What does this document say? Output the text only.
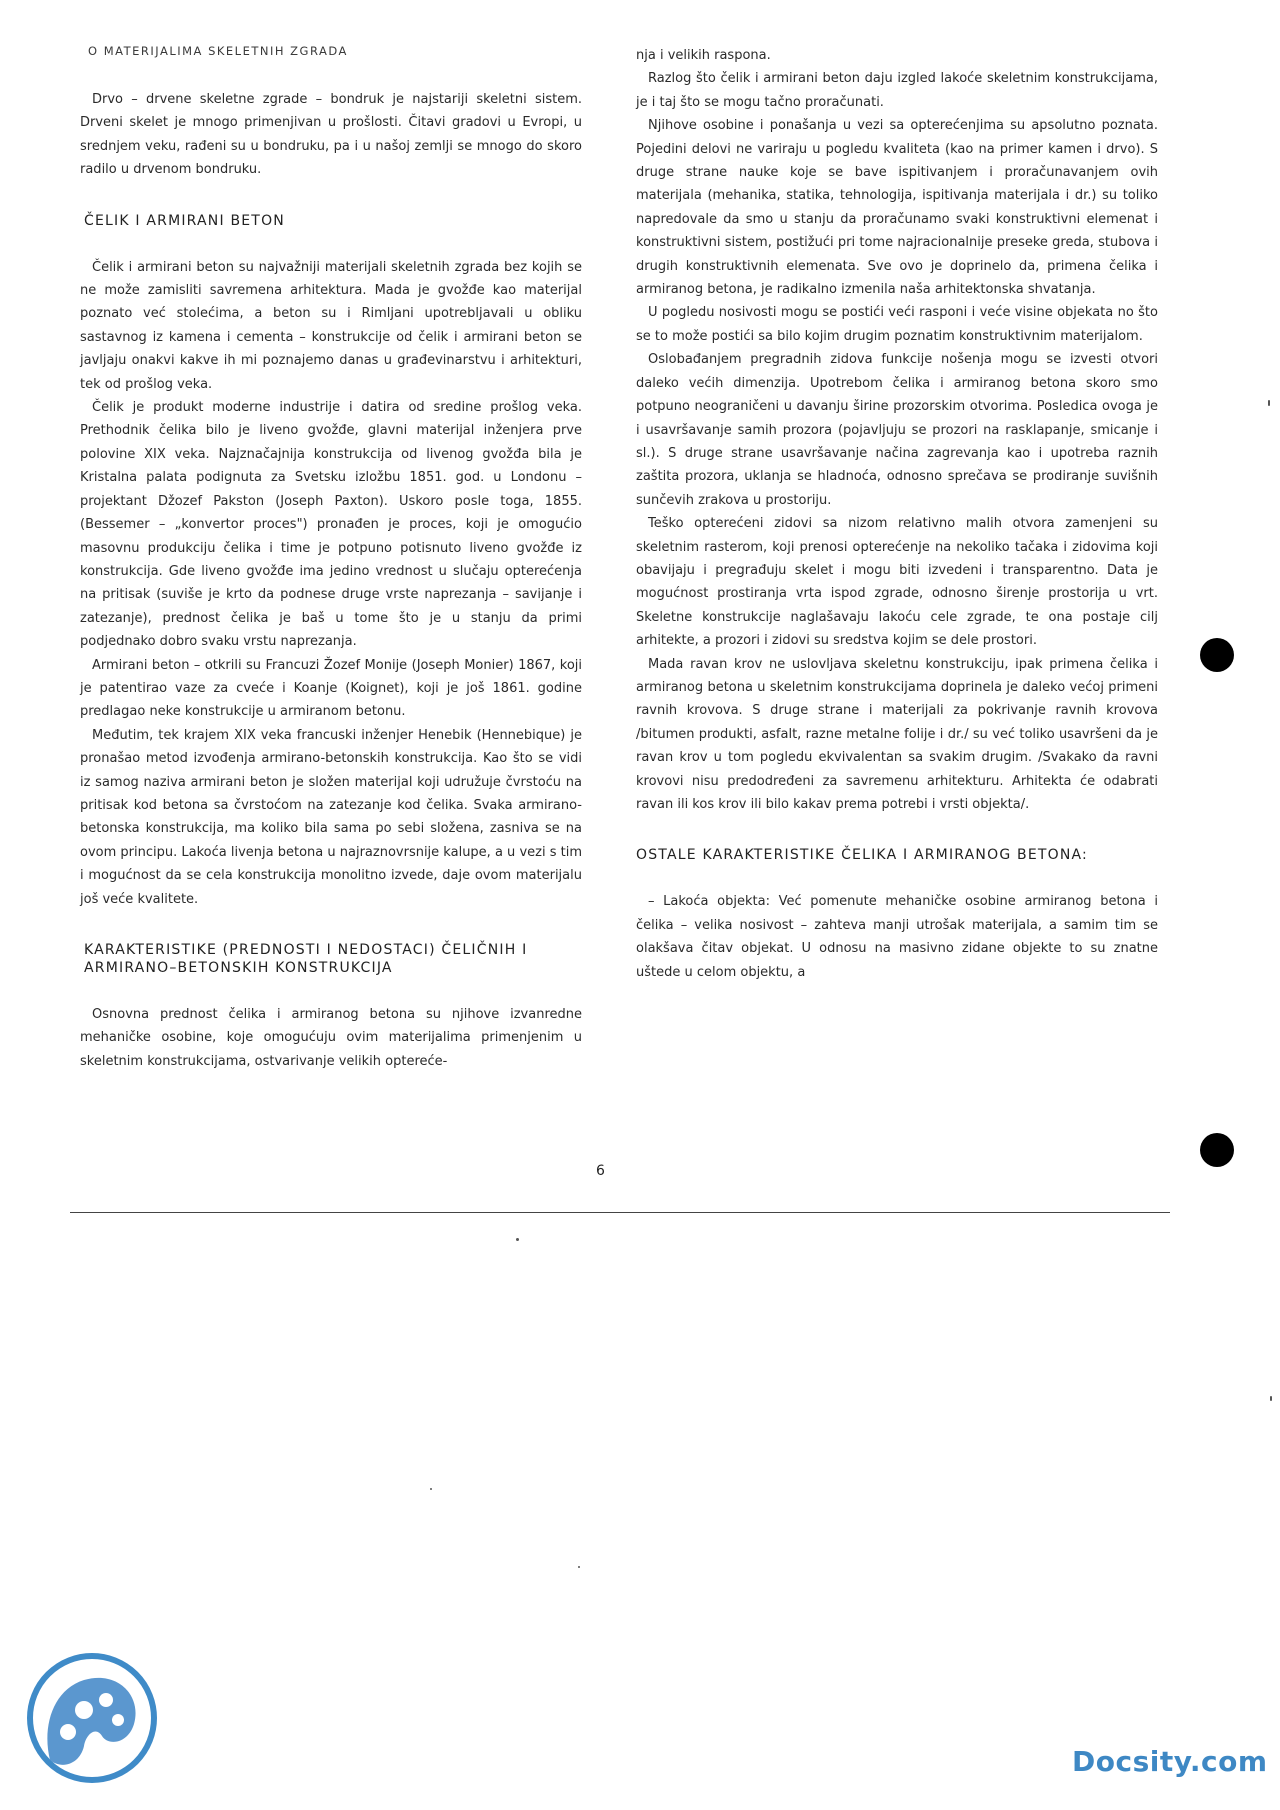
O MATERIJALIMA SKELETNIH ZGRADA

Drvo – drvene skeletne zgrade – bondruk je najstariji skeletni sistem. Drveni skelet je mnogo primenjivan u prošlosti. Čitavi gradovi u Evropi, u srednjem veku, rađeni su u bondruku, pa i u našoj zemlji se mnogo do skoro radilo u drvenom bondruku.

ČELIK I ARMIRANI BETON

Čelik i armirani beton su najvažniji materijali skeletnih zgrada bez kojih se ne može zamisliti savremena arhitektura. Mada je gvožđe kao materijal poznato već stolećima, a beton su i Rimljani upotrebljavali u obliku sastavnog iz kamena i cementa – konstrukcije od čelik i armirani beton se javljaju onakvi kakve ih mi poznajemo danas u građevinarstvu i arhitekturi, tek od prošlog veka.

Čelik je produkt moderne industrije i datira od sredine prošlog veka. Prethodnik čelika bilo je liveno gvožđe, glavni materijal inženjera prve polovine XIX veka. Najznačajnija konstrukcija od livenog gvožđa bila je Kristalna palata podignuta za Svetsku izložbu 1851. god. u Londonu – projektant Džozef Pakston (Joseph Paxton). Uskoro posle toga, 1855. (Bessemer – „konvertor proces") pronađen je proces, koji je omogućio masovnu produkciju čelika i time je potpuno potisnuto liveno gvožđe iz konstrukcija. Gde liveno gvožđe ima jedino vrednost u slučaju opterećenja na pritisak (suviše je krto da podnese druge vrste naprezanja – savijanje i zatezanje), prednost čelika je baš u tome što je u stanju da primi podjednako dobro svaku vrstu naprezanja.

Armirani beton – otkrili su Francuzi Žozef Monije (Joseph Monier) 1867, koji je patentirao vaze za cveće i Koanje (Koignet), koji je još 1861. godine predlagao neke konstrukcije u armiranom betonu.

Međutim, tek krajem XIX veka francuski inženjer Henebik (Hennebique) je pronašao metod izvođenja armirano-betonskih konstrukcija. Kao što se vidi iz samog naziva armirani beton je složen materijal koji udružuje čvrstoću na pritisak kod betona sa čvrstoćom na zatezanje kod čelika. Svaka armirano-betonska konstrukcija, ma koliko bila sama po sebi složena, zasniva se na ovom principu. Lakoća livenja betona u najraznovrsnije kalupe, a u vezi s tim i mogućnost da se cela konstrukcija monolitno izvede, daje ovom materijalu još veće kvalitete.

KARAKTERISTIKE (PREDNOSTI I NEDOSTACI) ČELIČNIH I ARMIRANO–BETONSKIH KONSTRUKCIJA

Osnovna prednost čelika i armiranog betona su njihove izvanredne mehaničke osobine, koje omogućuju ovim materijalima primenjenim u skeletnim konstrukcijama, ostvarivanje velikih optereće-

nja i velikih raspona.

Razlog što čelik i armirani beton daju izgled lakoće skeletnim konstrukcijama, je i taj što se mogu tačno proračunati.

Njihove osobine i ponašanja u vezi sa opterećenjima su apsolutno poznata. Pojedini delovi ne variraju u pogledu kvaliteta (kao na primer kamen i drvo). S druge strane nauke koje se bave ispitivanjem i proračunavanjem ovih materijala (mehanika, statika, tehnologija, ispitivanja materijala i dr.) su toliko napredovale da smo u stanju da proračunamo svaki konstruktivni elemenat i konstruktivni sistem, postižući pri tome najracionalnije preseke greda, stubova i drugih konstruktivnih elemenata. Sve ovo je doprinelo da, primena čelika i armiranog betona, je radikalno izmenila naša arhitektonska shvatanja.

U pogledu nosivosti mogu se postići veći rasponi i veće visine objekata no što se to može postići sa bilo kojim drugim poznatim konstruktivnim materijalom.

Oslobađanjem pregradnih zidova funkcije nošenja mogu se izvesti otvori daleko većih dimenzija. Upotrebom čelika i armiranog betona skoro smo potpuno neograničeni u davanju širine prozorskim otvorima. Posledica ovoga je i usavršavanje samih prozora (pojavljuju se prozori na rasklapanje, smicanje i sl.). S druge strane usavršavanje načina zagrevanja kao i upotreba raznih zaštita prozora, uklanja se hladnoća, odnosno sprečava se prodiranje suvišnih sunčevih zrakova u prostoriju.

Teško opterećeni zidovi sa nizom relativno malih otvora zamenjeni su skeletnim rasterom, koji prenosi opterećenje na nekoliko tačaka i zidovima koji obavijaju i pregrađuju skelet i mogu biti izvedeni i transparentno. Data je mogućnost prostiranja vrta ispod zgrade, odnosno širenje prostorija u vrt. Skeletne konstrukcije naglašavaju lakoću cele zgrade, te ona postaje cilj arhitekte, a prozori i zidovi su sredstva kojim se dele prostori.

Mada ravan krov ne uslovljava skeletnu konstrukciju, ipak primena čelika i armiranog betona u skeletnim konstrukcijama doprinela je daleko većoj primeni ravnih krovova. S druge strane i materijali za pokrivanje ravnih krovova /bitumen produkti, asfalt, razne metalne folije i dr./ su već toliko usavršeni da je ravan krov u tom pogledu ekvivalentan sa svakim drugim. /Svakako da ravni krovovi nisu predodređeni za savremenu arhitekturu. Arhitekta će odabrati ravan ili kos krov ili bilo kakav prema potrebi i vrsti objekta/.

OSTALE KARAKTERISTIKE ČELIKA I ARMIRANOG BETONA:

– Lakoća objekta: Već pomenute mehaničke osobine armiranog betona i čelika – velika nosivost – zahteva manji utrošak materijala, a samim tim se olakšava čitav objekat. U odnosu na masivno zidane objekte to su znatne uštede u celom objektu, a

6
Docsity.com
